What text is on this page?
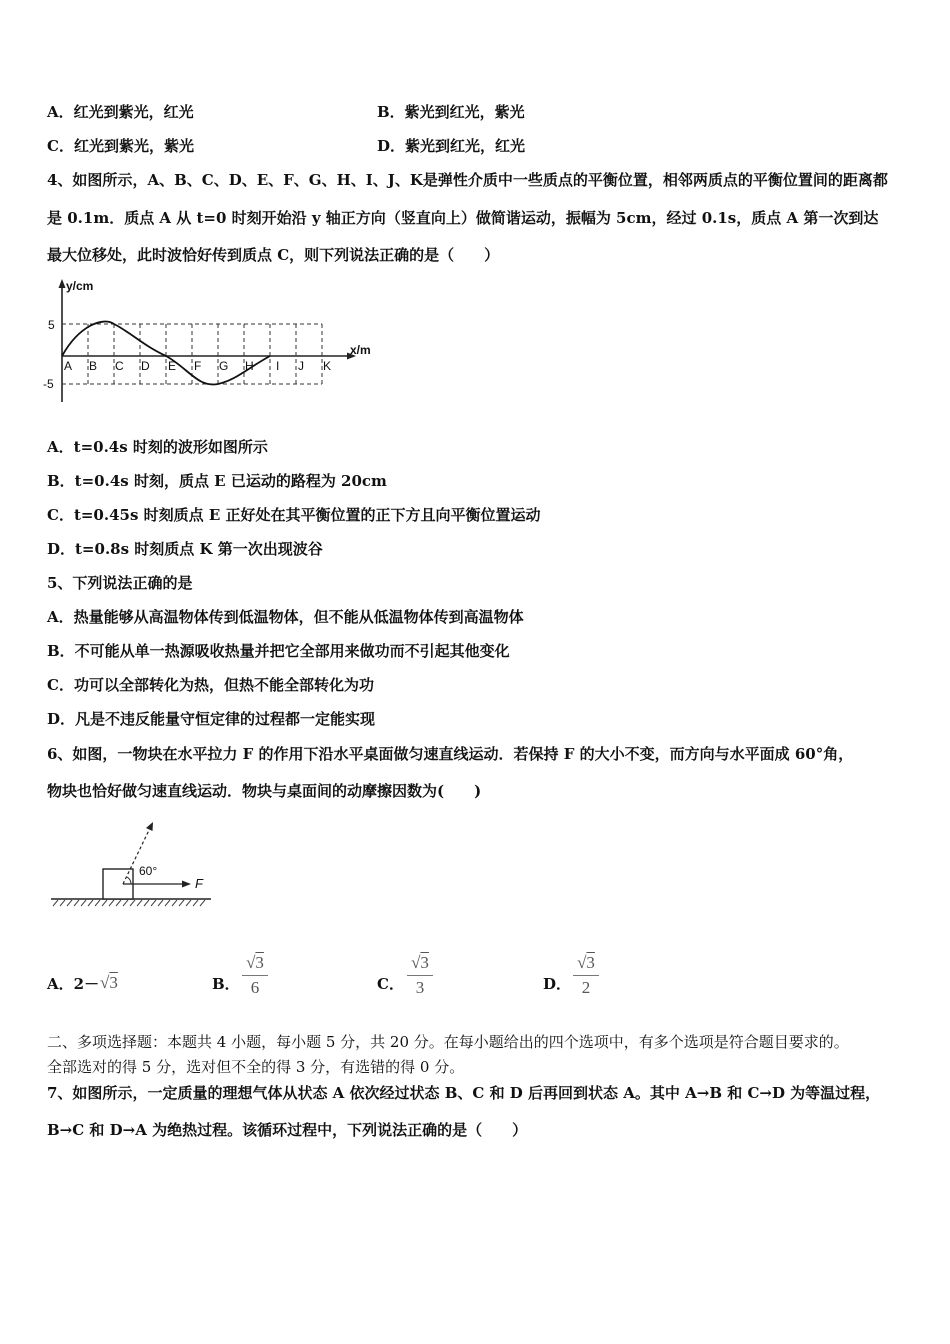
A．红光到紫光，红光	B．紫光到红光，紫光
C．红光到紫光，紫光	D．紫光到红光，红光
4、如图所示，A、B、C、D、E、F、G、H、I、J、K是弹性介质中一些质点的平衡位置，相邻两质点的平衡位置间的距离都
是 0.1m．质点 A 从 t=0 时刻开始沿 y 轴正方向（竖直向上）做简谐运动，振幅为 5cm，经过 0.1s，质点 A 第一次到达
最大位移处，此时波恰好传到质点 C，则下列说法正确的是（　　）
y/cm
x/m
5
-5
A B C D E F G H I J K
A．t=0.4s 时刻的波形如图所示
B．t=0.4s 时刻，质点 E 已运动的路程为 20cm
C．t=0.45s 时刻质点 E 正好处在其平衡位置的正下方且向平衡位置运动
D．t=0.8s 时刻质点 K 第一次出现波谷
5、下列说法正确的是
A．热量能够从高温物体传到低温物体，但不能从低温物体传到高温物体
B．不可能从单一热源吸收热量并把它全部用来做功而不引起其他变化
C．功可以全部转化为热，但热不能全部转化为功
D．凡是不违反能量守恒定律的过程都一定能实现
6、如图，一物块在水平拉力 F 的作用下沿水平桌面做匀速直线运动．若保持 F 的大小不变，而方向与水平面成 60°角，
物块也恰好做匀速直线运动．物块与桌面间的动摩擦因数为(　　)
60°
F
A．2－ √3	B．
√3
6	C．
√3
3	D．
√3
2
二、多项选择题：本题共 4 小题，每小题 5 分，共 20 分。在每小题给出的四个选项中，有多个选项是符合题目要求的。
全部选对的得 5 分，选对但不全的得 3 分，有选错的得 0 分。
7、如图所示，一定质量的理想气体从状态 A 依次经过状态 B、C 和 D 后再回到状态 A。其中 A→B 和 C→D 为等温过程，
B→C 和 D→A 为绝热过程。该循环过程中，下列说法正确的是（　　）
